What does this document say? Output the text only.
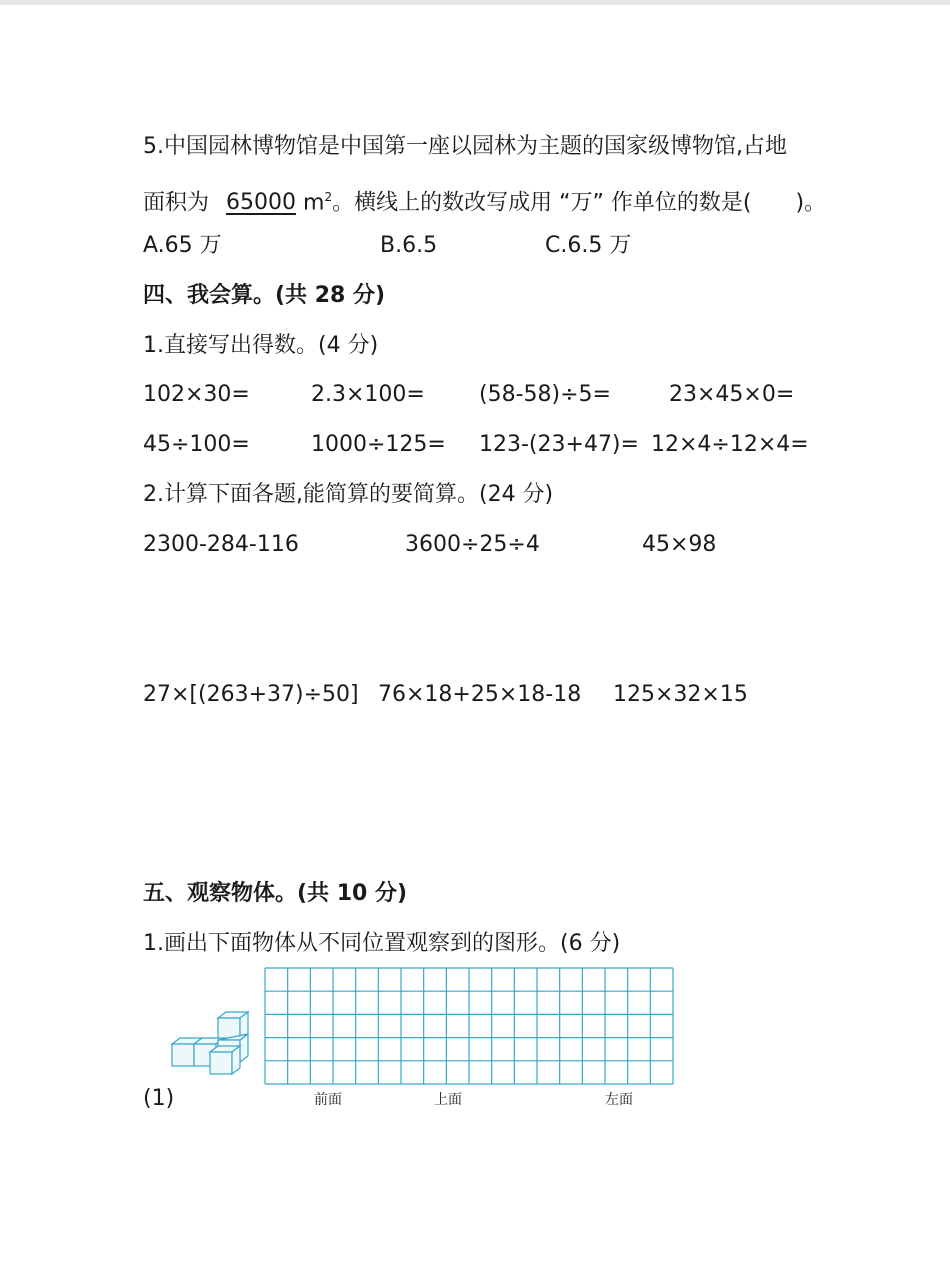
5.中国园林博物馆是中国第一座以园林为主题的国家级博物馆,占地
面积为 65000 $m^2$。横线上的数改写成用 “万” 作单位的数是(  )。
A.65 万	B.6.5	C.6.5 万
四、我会算。(共 28 分)
1.直接写出得数。(4 分)
102×30=	2.3×100= (58-58)÷5=	23×45×0=
45÷100=	1000÷125= 123-(23+47)= 12×4÷12×4=
2.计算下面各题,能简算的要简算。(24 分)
2300-284-116	3600÷25÷4	45×98
27×[(263+37)÷50] 76×18+25×18-18 125×32×15
五、观察物体。(共 10 分)
1.画出下面物体从不同位置观察到的图形。(6 分)
(1)	前面	上面	左面
